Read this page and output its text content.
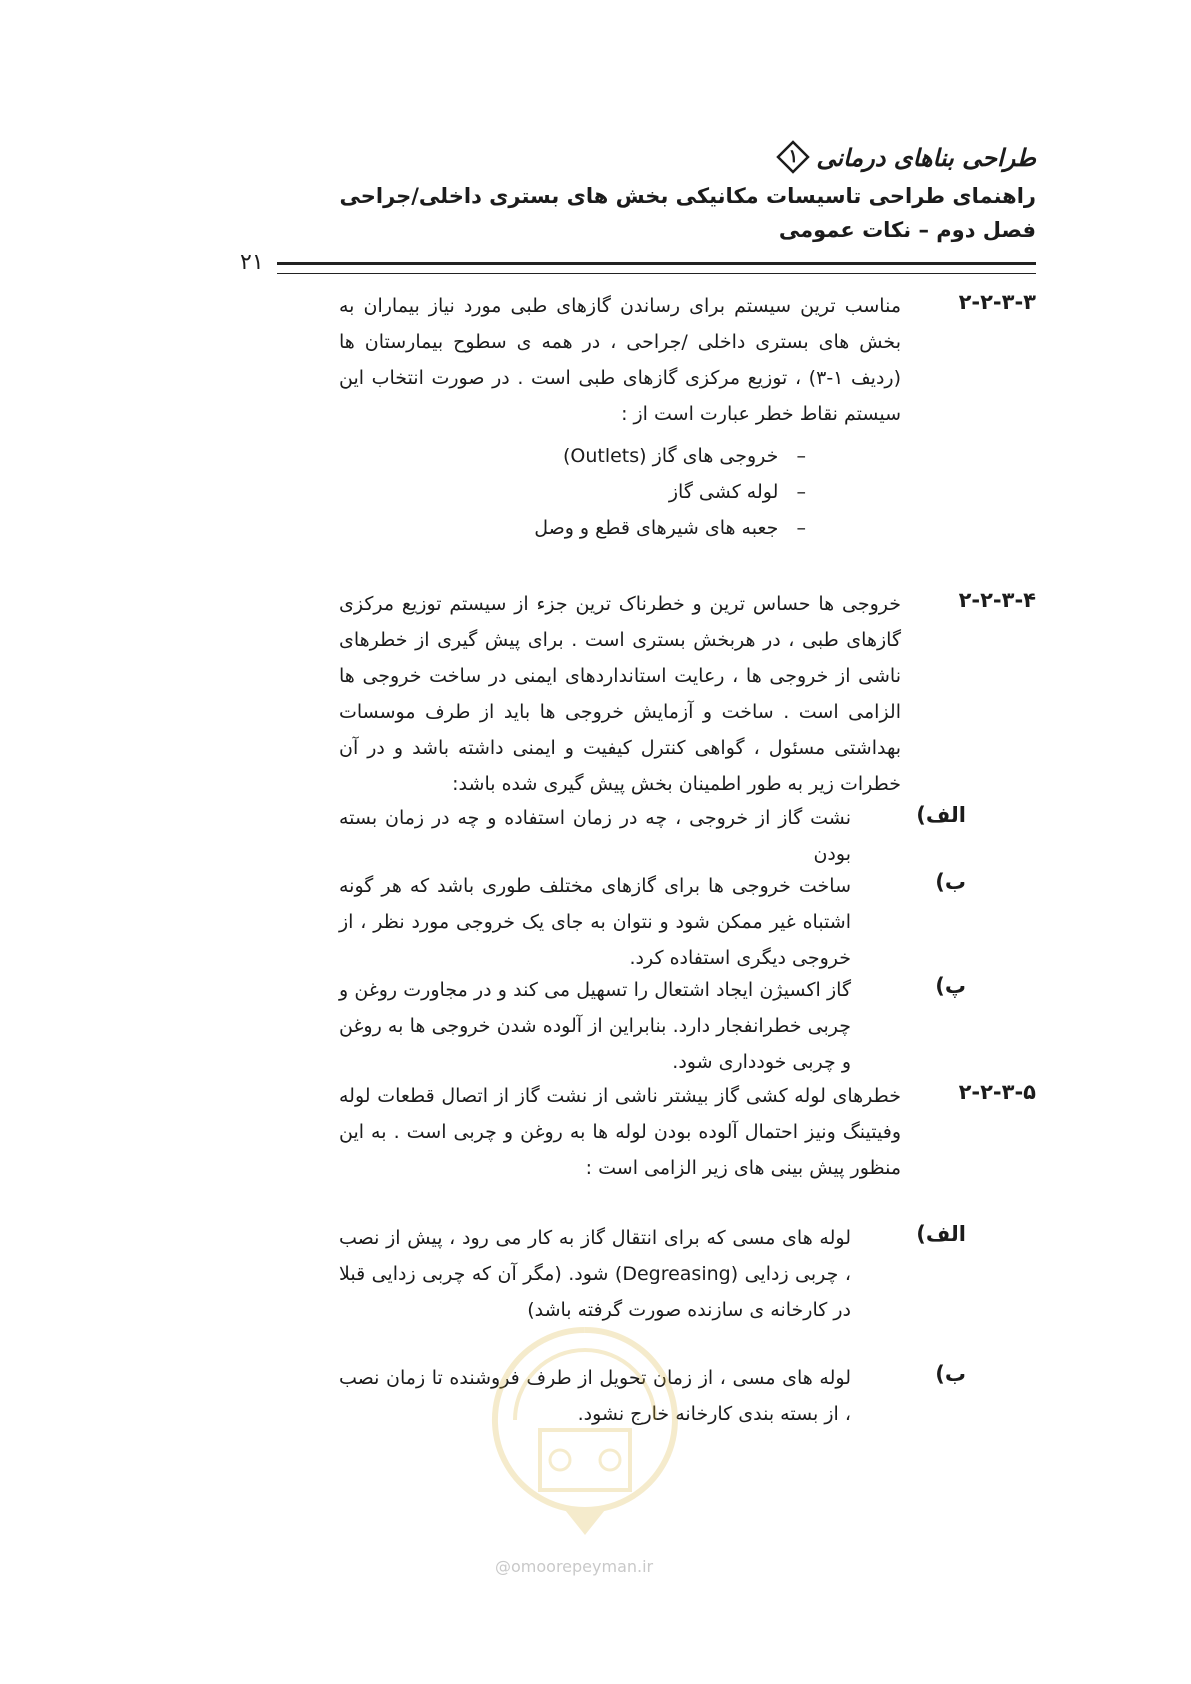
طراحی بناهای درمانی
۱
راهنمای طراحی تاسیسات مکانیکی بخش های بستری داخلی/جراحی
فصل دوم – نکات عمومی
۲۱
۲-۲-۳-۳

مناسب ترین سیستم برای رساندن گازهای طبی مورد نیاز بیماران به بخش های بستری داخلی /جراحی ، در همه ی سطوح بیمارستان ها (ردیف ۱-۳) ، توزیع مرکزی گازهای طبی است . در صورت انتخاب این سیستم نقاط خطر عبارت است از :

–   خروجی های گاز (Outlets)
–   لوله کشی گاز
–   جعبه های شیرهای قطع و وصل
۲-۲-۳-۴

خروجی ها حساس ترین و خطرناک ترین جزء از سیستم توزیع مرکزی گازهای طبی ، در هربخش بستری است . برای پیش گیری از خطرهای ناشی از خروجی ها ، رعایت استانداردهای ایمنی در ساخت خروجی ها الزامی است . ساخت و آزمایش خروجی ها باید از طرف موسسات بهداشتی مسئول ، گواهی کنترل کیفیت و ایمنی داشته باشد و در آن خطرات زیر به طور اطمینان بخش پیش گیری شده باشد:

الف)

نشت گاز از خروجی ، چه در زمان استفاده و چه در زمان بسته بودن

ب)

ساخت خروجی ها برای گازهای مختلف طوری باشد که هر گونه اشتباه غیر ممکن شود و نتوان به جای یک خروجی مورد نظر ، از خروجی دیگری استفاده کرد.

پ)

گاز اکسیژن ایجاد اشتعال را تسهیل می کند و در مجاورت روغن و چربی خطرانفجار دارد. بنابراین از آلوده شدن خروجی ها به روغن و چربی خودداری شود.

۲-۲-۳-۵

خطرهای لوله کشی گاز بیشتر ناشی از نشت گاز از اتصال قطعات لوله وفیتینگ ونیز احتمال آلوده بودن لوله ها به روغن و چربی است . به این منظور پیش بینی های زیر الزامی است :

الف)

لوله های مسی که برای انتقال گاز به کار می رود ، پیش از نصب ، چربی زدایی (Degreasing) شود. (مگر آن که چربی زدایی قبلا در کارخانه ی سازنده صورت گرفته باشد)

ب)

لوله های مسی ، از زمان تحویل از طرف فروشنده تا زمان نصب ، از بسته بندی کارخانه خارج نشود.

@omoorepeyman.ir
